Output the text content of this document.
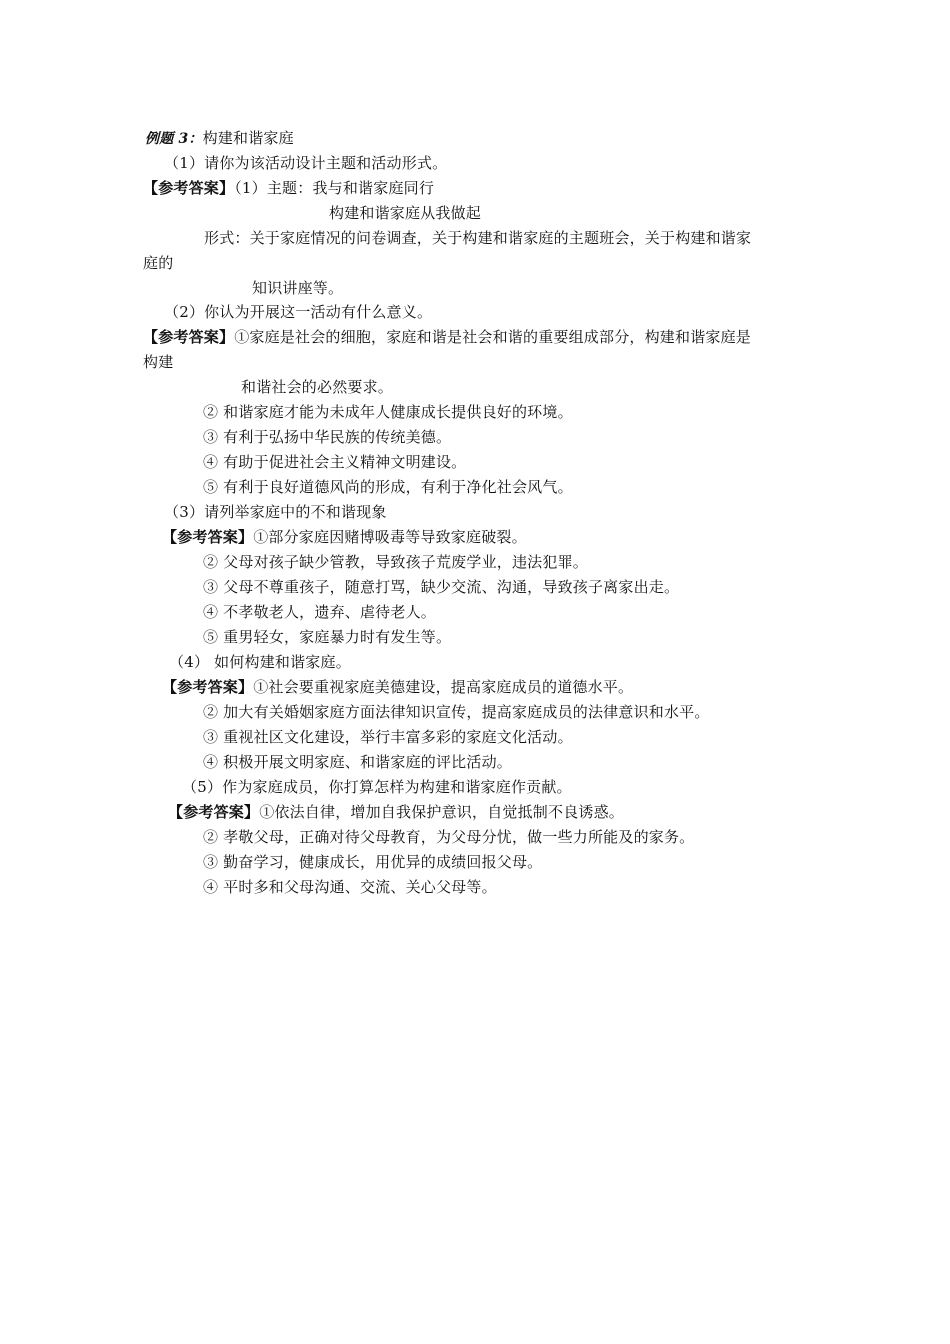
例题 3：构建和谐家庭
（1）请你为该活动设计主题和活动形式。
【参考答案】（1）主题：我与和谐家庭同行
构建和谐家庭从我做起
形式：关于家庭情况的问卷调查，关于构建和谐家庭的主题班会，关于构建和谐家
庭的
知识讲座等。
（2）你认为开展这一活动有什么意义。
【参考答案】①家庭是社会的细胞，家庭和谐是社会和谐的重要组成部分，构建和谐家庭是
构建
和谐社会的必然要求。
② 和谐家庭才能为未成年人健康成长提供良好的环境。
③ 有利于弘扬中华民族的传统美德。
④ 有助于促进社会主义精神文明建设。
⑤ 有利于良好道德风尚的形成，有利于净化社会风气。
（3）请列举家庭中的不和谐现象
【参考答案】①部分家庭因赌博吸毒等导致家庭破裂。
② 父母对孩子缺少管教，导致孩子荒废学业，违法犯罪。
③ 父母不尊重孩子，随意打骂，缺少交流、沟通，导致孩子离家出走。
④ 不孝敬老人，遗弃、虐待老人。
⑤ 重男轻女，家庭暴力时有发生等。
（4） 如何构建和谐家庭。
【参考答案】①社会要重视家庭美德建设，提高家庭成员的道德水平。
② 加大有关婚姻家庭方面法律知识宣传，提高家庭成员的法律意识和水平。
③ 重视社区文化建设，举行丰富多彩的家庭文化活动。
④ 积极开展文明家庭、和谐家庭的评比活动。
（5）作为家庭成员，你打算怎样为构建和谐家庭作贡献。
【参考答案】①依法自律，增加自我保护意识，自觉抵制不良诱惑。
② 孝敬父母，正确对待父母教育，为父母分忧，做一些力所能及的家务。
③ 勤奋学习，健康成长，用优异的成绩回报父母。
④ 平时多和父母沟通、交流、关心父母等。
